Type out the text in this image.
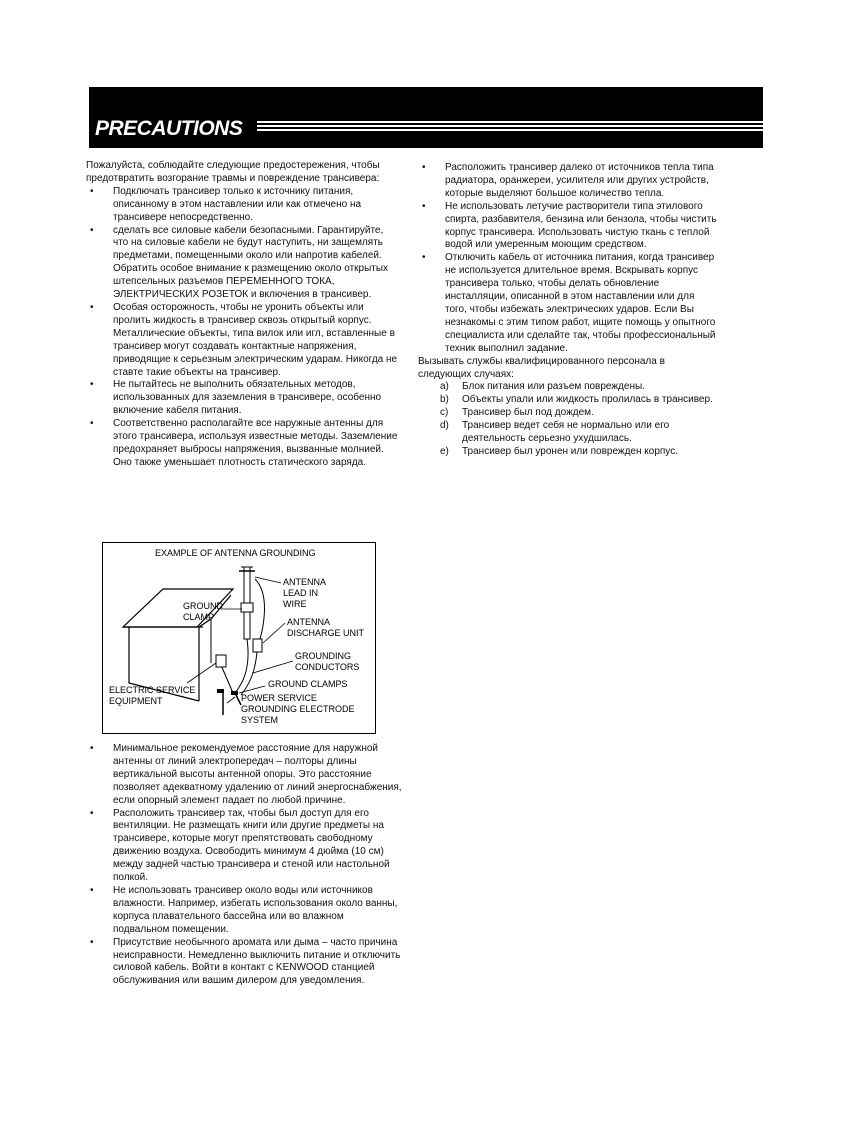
PRECAUTIONS

Пожалуйста, соблюдайте следующие предостережения, чтобы предотвратить возгорание травмы и повреждение трансивера:

• Подключать трансивер только к источнику питания, описанному в этом наставлении или как отмечено на трансивере непосредственно.
• сделать все силовые кабели безопасными. Гарантируйте, что на силовые кабели не будут наступить, ни защемлять предметами, помещенными около или напротив кабелей. Обратить особое внимание к размещению около открытых штепсельных разъемов ПЕРЕМЕННОГО ТОКА, ЭЛЕКТРИЧЕСКИХ РОЗЕТОК и включения в трансивер.
• Особая осторожность, чтобы не уронить объекты или пролить жидкость в трансивер сквозь открытый корпус. Металлические объекты, типа вилок или игл, вставленные в трансивер могут создавать контактные напряжения, приводящие к серьезным электрическим ударам. Никогда не ставте такие объекты на трансивер.
• Не пытайтесь не выполнить обязательных методов, использованных для заземления в трансивере, особенно включение кабеля питания.
• Соответственно располагайте все наружные антенны для этого трансивера, используя известные методы. Заземление предохраняет выбросы напряжения, вызванные молнией. Оно также уменьшает плотность статического заряда.
EXAMPLE OF ANTENNA GROUNDING
ANTENNA
LEAD IN
WIRE
GROUND
CLAMP	ANTENNA
DISCHARGE UNIT
GROUNDING
CONDUCTORS
GROUND CLAMPS
ELECTRIC SERVICE
EQUIPMENT	POWER SERVICE
GROUNDING ELECTRODE
SYSTEM
• Минимальное рекомендуемое расстояние для наружной антенны от линий электропередач – полторы длины вертикальной высоты антенной опоры. Это расстояние позволяет адекватному удалению от линий энергоснабжения, если опорный элемент падает по любой причине.
• Расположить трансивер так, чтобы был доступ для его вентиляции. Не размещать книги или другие предметы на трансивере, которые могут препятствовать свободному движению воздуха. Освободить минимум 4 дюйма (10 см) между задней частью трансивера и стеной или настольной полкой.
• Не использовать трансивер около воды или источников влажности. Например, избегать использования около ванны, корпуса плавательного бассейна или во влажном подвальном помещении.
• Присутствие необычного аромата или дыма – часто причина неисправности. Немедленно выключить питание и отключить силовой кабель. Войти в контакт с KENWOOD станцией обслуживания или вашим дилером для уведомления.
• Расположить трансивер далеко от источников тепла типа радиатора, оранжереи, усилителя или других устройств, которые выделяют большое количество тепла.
• Не использовать летучие растворители типа этилового спирта, разбавителя, бензина или бензола, чтобы чистить корпус трансивера. Использовать чистую ткань с теплой водой или умеренным моющим средством.
• Отключить кабель от источника питания, когда трансивер не используется длительное время. Вскрывать корпус трансивера только, чтобы делать обновление инсталляции, описанной в этом наставлении или для того, чтобы избежать электрических ударов. Если Вы незнакомы с этим типом работ, ищите помощь у опытного специалиста или сделайте так, чтобы профессиональный техник выполнил задание.

Вызывать службы квалифицированного персонала в следующих случаях:

a) Блок питания или разъем повреждены.
b) Объекты упали или жидкость пролилась в трансивер.
c) Трансивер был под дождем.
d) Трансивер ведет себя не нормально или его деятельность серьезно ухудшилась.
e) Трансивер был уронен или поврежден корпус.
